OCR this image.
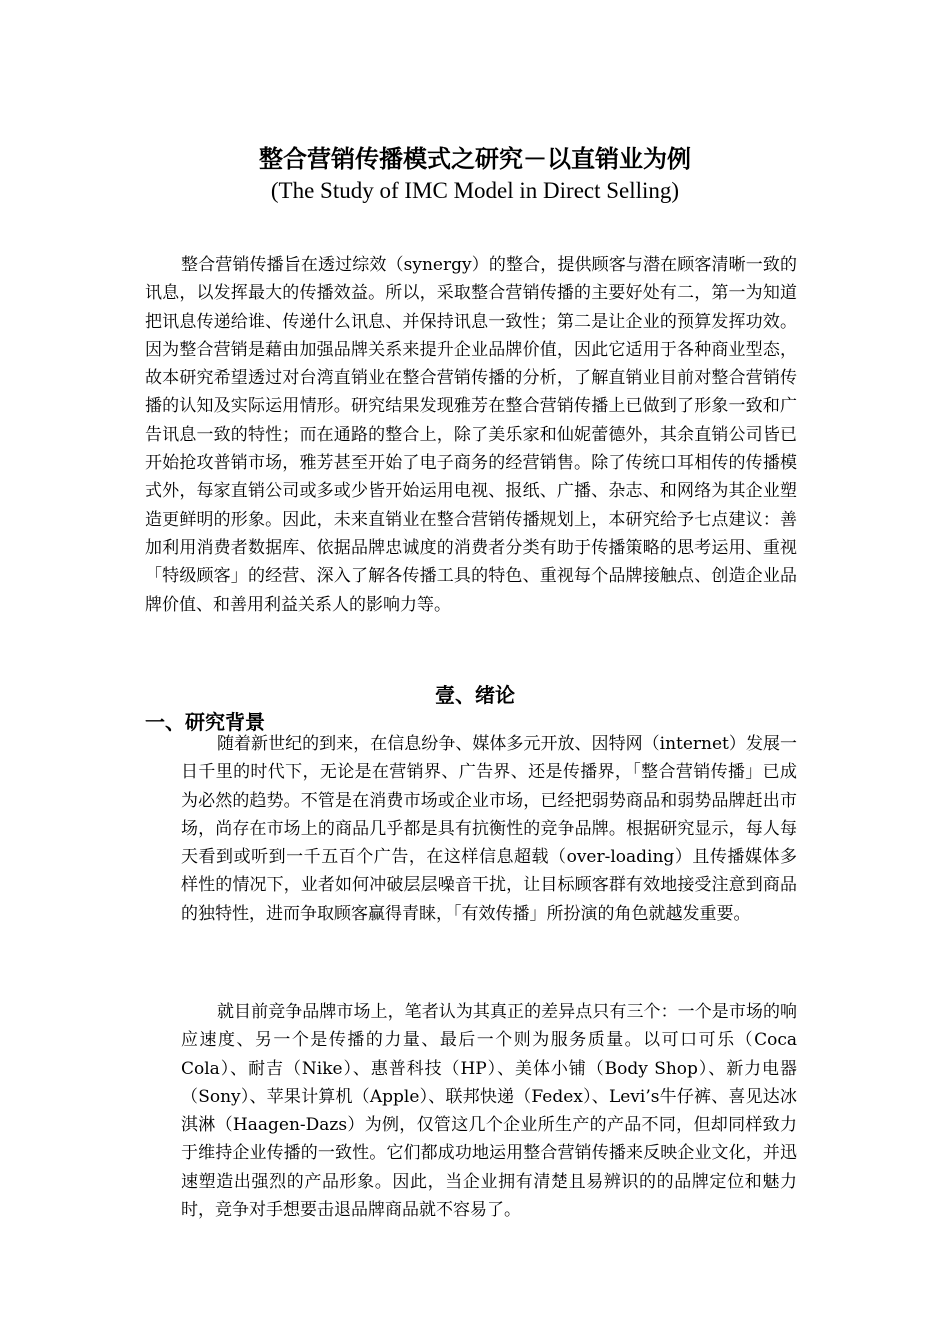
整合营销传播模式之研究－以直销业为例
(The Study of IMC Model in Direct Selling)

整合营销传播旨在透过综效（synergy）的整合，提供顾客与潜在顾客清晰一致的讯息，以发挥最大的传播效益。所以，采取整合营销传播的主要好处有二，第一为知道把讯息传递给谁、传递什么讯息、并保持讯息一致性；第二是让企业的预算发挥功效。因为整合营销是藉由加强品牌关系来提升企业品牌价值，因此它适用于各种商业型态，故本研究希望透过对台湾直销业在整合营销传播的分析，了解直销业目前对整合营销传播的认知及实际运用情形。研究结果发现雅芳在整合营销传播上已做到了形象一致和广告讯息一致的特性；而在通路的整合上，除了美乐家和仙妮蕾德外，其余直销公司皆已开始抢攻普销市场，雅芳甚至开始了电子商务的经营销售。除了传统口耳相传的传播模式外，每家直销公司或多或少皆开始运用电视、报纸、广播、杂志、和网络为其企业塑造更鲜明的形象。因此，未来直销业在整合营销传播规划上，本研究给予七点建议：善加利用消费者数据库、依据品牌忠诚度的消费者分类有助于传播策略的思考运用、重视「特级顾客」的经营、深入了解各传播工具的特色、重视每个品牌接触点、创造企业品牌价值、和善用利益关系人的影响力等。

壹、绪论
一、研究背景

随着新世纪的到来，在信息纷争、媒体多元开放、因特网（internet）发展一日千里的时代下，无论是在营销界、广告界、还是传播界，「整合营销传播」已成为必然的趋势。不管是在消费市场或企业市场，已经把弱势商品和弱势品牌赶出市场，尚存在市场上的商品几乎都是具有抗衡性的竞争品牌。根据研究显示，每人每天看到或听到一千五百个广告，在这样信息超载（over-loading）且传播媒体多样性的情况下，业者如何冲破层层噪音干扰，让目标顾客群有效地接受注意到商品的独特性，进而争取顾客赢得青睐，「有效传播」所扮演的角色就越发重要。

就目前竞争品牌市场上，笔者认为其真正的差异点只有三个：一个是市场的响应速度、另一个是传播的力量、最后一个则为服务质量。以可口可乐（Coca Cola）、耐吉（Nike）、惠普科技（HP）、美体小铺（Body Shop）、新力电器（Sony）、苹果计算机（Apple）、联邦快递（Fedex）、Levi’s牛仔裤、喜见达冰淇淋（Haagen-Dazs）为例，仅管这几个企业所生产的产品不同，但却同样致力于维持企业传播的一致性。它们都成功地运用整合营销传播来反映企业文化，并迅速塑造出强烈的产品形象。因此，当企业拥有清楚且易辨识的的品牌定位和魅力时，竞争对手想要击退品牌商品就不容易了。
